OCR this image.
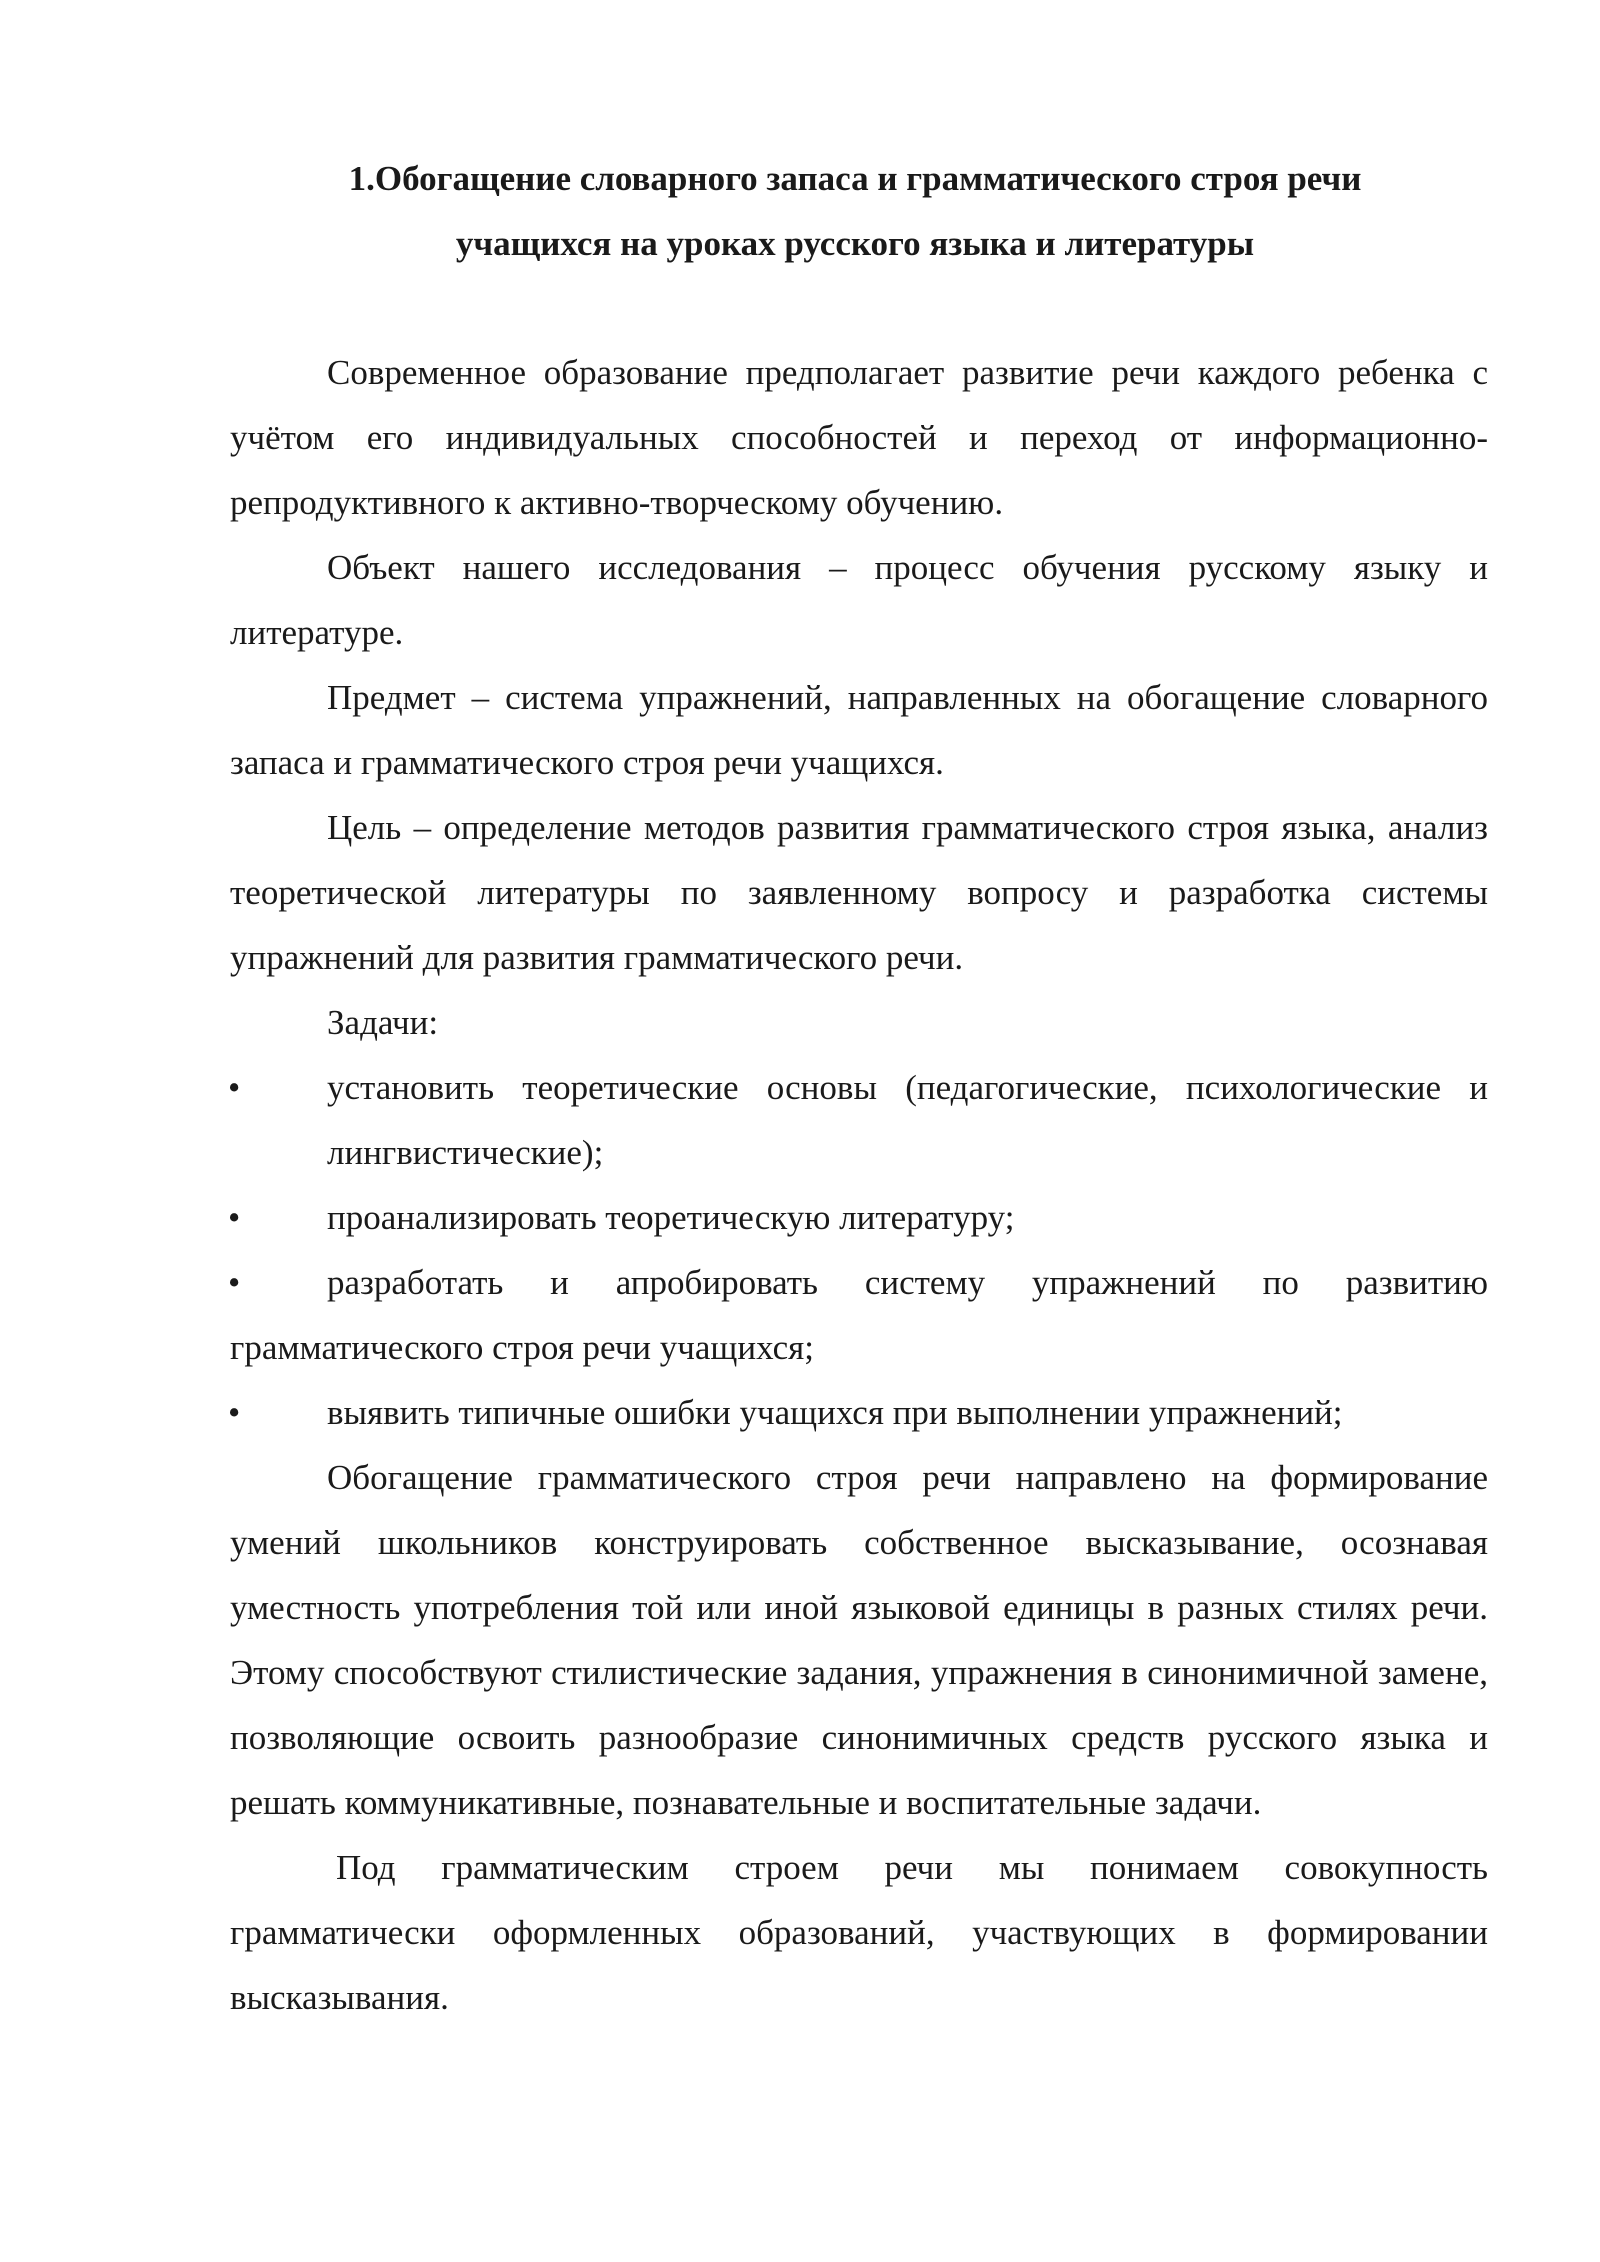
1.Обогащение словарного запаса и грамматического строя речи
учащихся на уроках русского языка и литературы

Современное образование предполагает развитие речи каждого ребенка с учётом его индивидуальных способностей и переход от информационно-репродуктивного к активно-творческому обучению.

Объект нашего исследования – процесс обучения русскому языку и литературе.

Предмет – система упражнений, направленных на обогащение словарного запаса и грамматического строя речи учащихся.

Цель – определение методов развития грамматического строя языка, анализ теоретической литературы по заявленному вопросу и разработка системы упражнений для развития грамматического речи.

Задачи:

•	установить теоретические основы (педагогические, психологические и лингвистические);
•	проанализировать теоретическую литературу;
•	разработать и апробировать систему упражнений по развитию грамматического строя речи учащихся;
•	выявить типичные ошибки учащихся при выполнении упражнений;

Обогащение грамматического строя речи направлено на формирование умений школьников конструировать собственное высказывание, осознавая уместность употребления той или иной языковой единицы в разных стилях речи. Этому способствуют стилистические задания, упражнения в синонимичной замене, позволяющие освоить разнообразие синонимичных средств русского языка и решать коммуникативные, познавательные и воспитательные задачи.

Под грамматическим строем речи мы понимаем совокупность грамматически оформленных образований, участвующих в формировании высказывания.
